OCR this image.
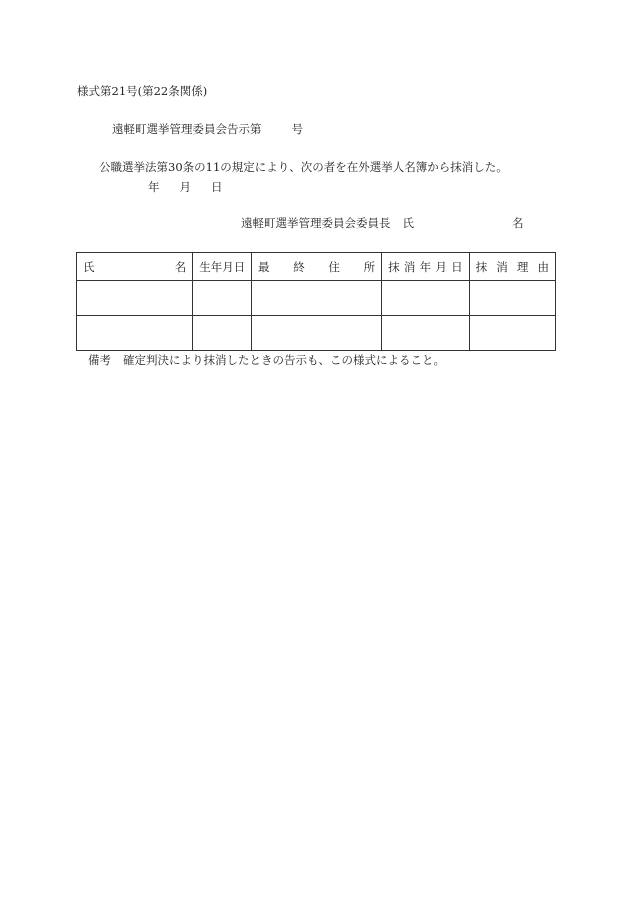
様式第21号(第22条関係)
遠軽町選挙管理委員会告示第	号
公職選挙法第30条の11の規定により、次の者を在外選挙人名簿から抹消した。
年 月 日
遠軽町選挙管理委員会委員長 氏	名
氏 名	生 年 月 日	最 終 住 所	抹 消 年 月 日	抹 消 理 由

備考 確定判決により抹消したときの告示も、この様式によること。
